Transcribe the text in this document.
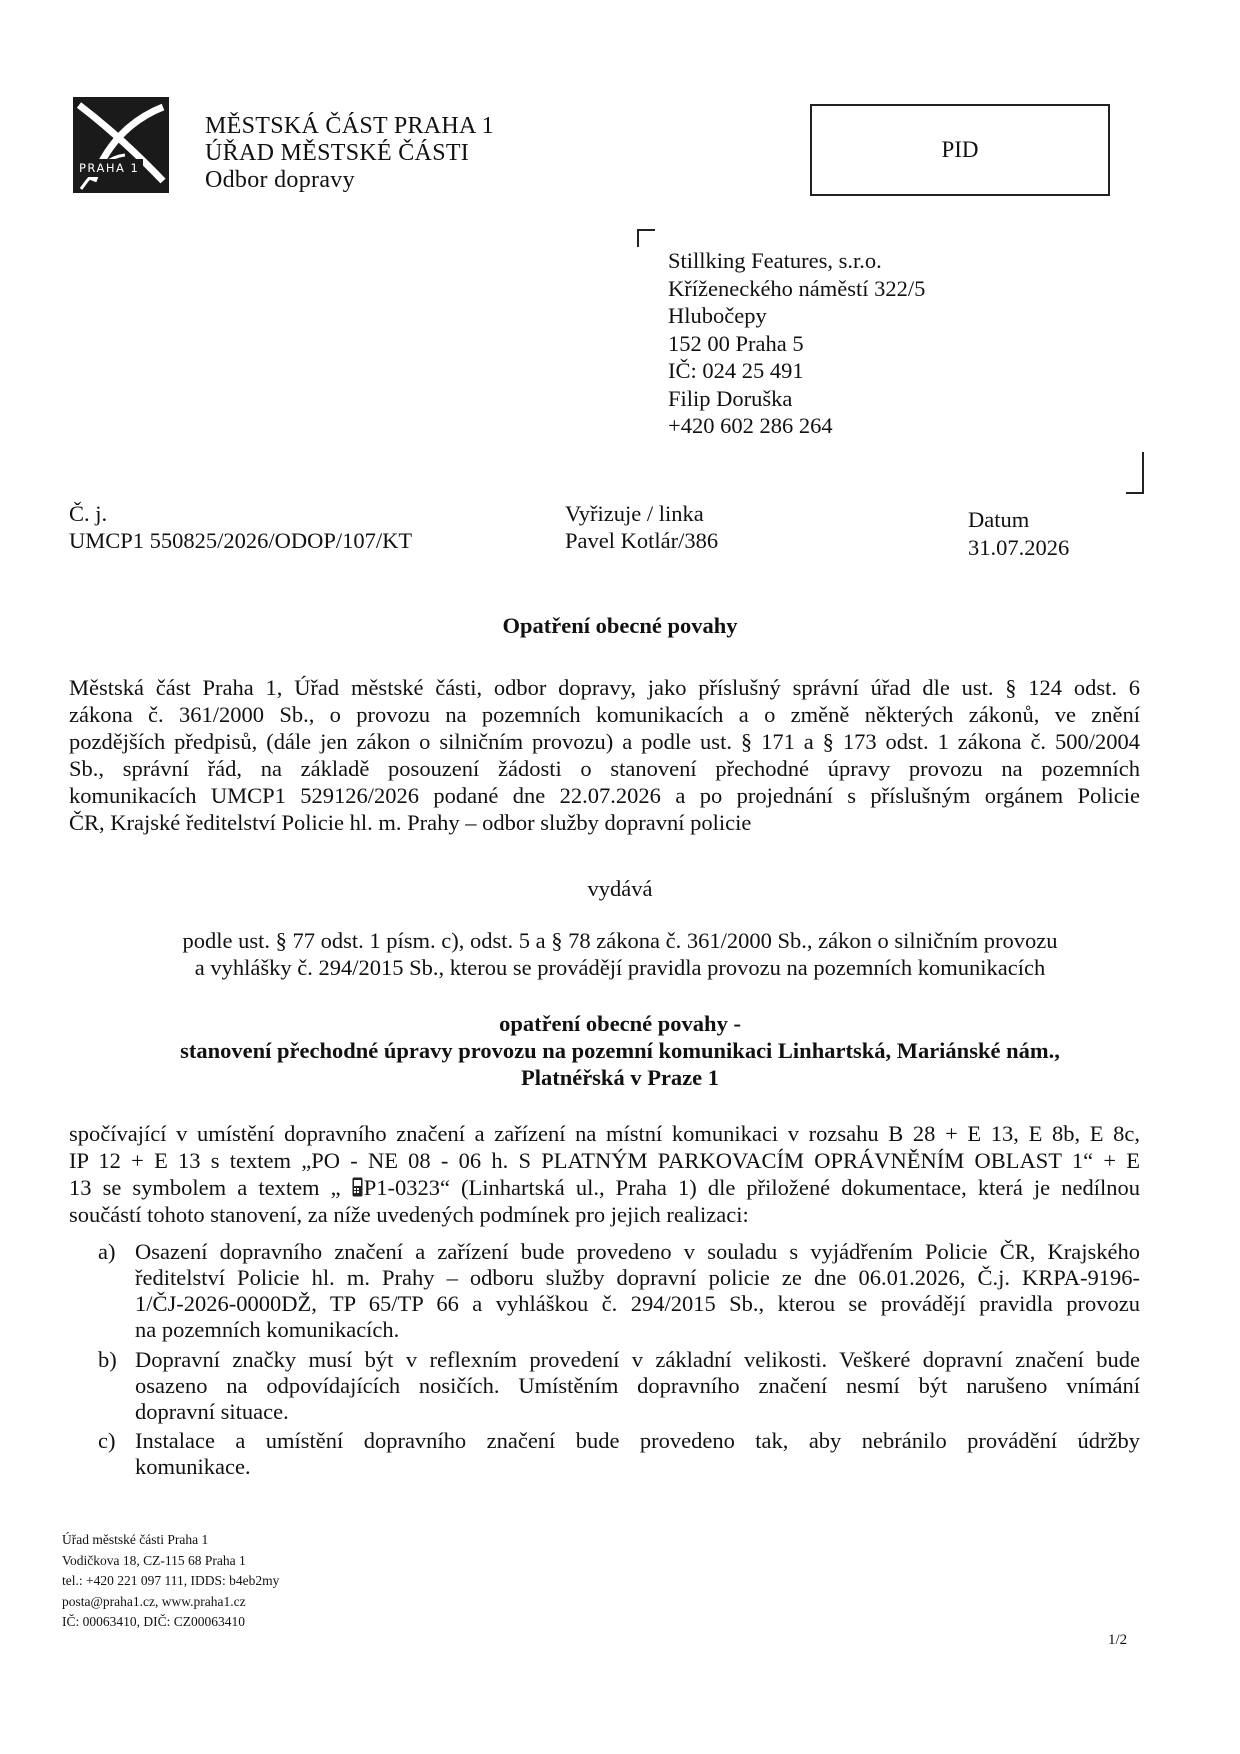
PRAHA 1
MĚSTSKÁ ČÁST PRAHA 1
ÚŘAD MĚSTSKÉ ČÁSTI
Odbor dopravy
PID
Stillking Features, s.r.o.
Kříženeckého náměstí 322/5
Hlubočepy
152 00 Praha 5
IČ: 024 25 491
Filip Doruška
+420 602 286 264
Č. j.
UMCP1 550825/2026/ODOP/107/KT
Vyřizuje / linka
Pavel Kotlár/386
Datum
31.07.2026
Opatření obecné povahy
Městská část Praha 1, Úřad městské části, odbor dopravy, jako příslušný správní úřad dle ust. § 124 odst. 6
zákona č. 361/2000 Sb., o provozu na pozemních komunikacích a o změně některých zákonů, ve znění
pozdějších předpisů, (dále jen zákon o silničním provozu) a podle ust. § 171 a § 173 odst. 1 zákona č. 500/2004
Sb., správní řád, na základě posouzení žádosti o stanovení přechodné úpravy provozu na pozemních
komunikacích UMCP1 529126/2026 podané dne 22.07.2026 a po projednání s příslušným orgánem Policie
ČR, Krajské ředitelství Policie hl. m. Prahy – odbor služby dopravní policie
vydává
podle ust. § 77 odst. 1 písm. c), odst. 5 a § 78 zákona č. 361/2000 Sb., zákon o silničním provozu
a vyhlášky č. 294/2015 Sb., kterou se provádějí pravidla provozu na pozemních komunikacích
opatření obecné povahy -
stanovení přechodné úpravy provozu na pozemní komunikaci Linhartská, Mariánské nám.,
Platnéřská v Praze 1
spočívající v umístění dopravního značení a zařízení na místní komunikaci v rozsahu B 28 + E 13, E 8b, E 8c,
IP 12 + E 13 s textem „PO - NE 08 - 06 h. S PLATNÝM PARKOVACÍM OPRÁVNĚNÍM OBLAST 1“ + E
13 se symbolem a textem „ P1-0323“ (Linhartská ul., Praha 1) dle přiložené dokumentace, která je nedílnou
součástí tohoto stanovení, za níže uvedených podmínek pro jejich realizaci:
a) Osazení dopravního značení a zařízení bude provedeno v souladu s vyjádřením Policie ČR, Krajského
ředitelství Policie hl. m. Prahy – odboru služby dopravní policie ze dne 06.01.2026, Č.j. KRPA-9196-
1/ČJ-2026-0000DŽ, TP 65/TP 66 a vyhláškou č. 294/2015 Sb., kterou se provádějí pravidla provozu
na pozemních komunikacích.
b) Dopravní značky musí být v reflexním provedení v základní velikosti. Veškeré dopravní značení bude
osazeno na odpovídajících nosičích. Umístěním dopravního značení nesmí být narušeno vnímání
dopravní situace.
c) Instalace a umístění dopravního značení bude provedeno tak, aby nebránilo provádění údržby
komunikace.
Úřad městské části Praha 1
Vodičkova 18, CZ-115 68 Praha 1
tel.: +420 221 097 111, IDDS: b4eb2my
posta@praha1.cz, www.praha1.cz
IČ: 00063410, DIČ: CZ00063410
1/2
